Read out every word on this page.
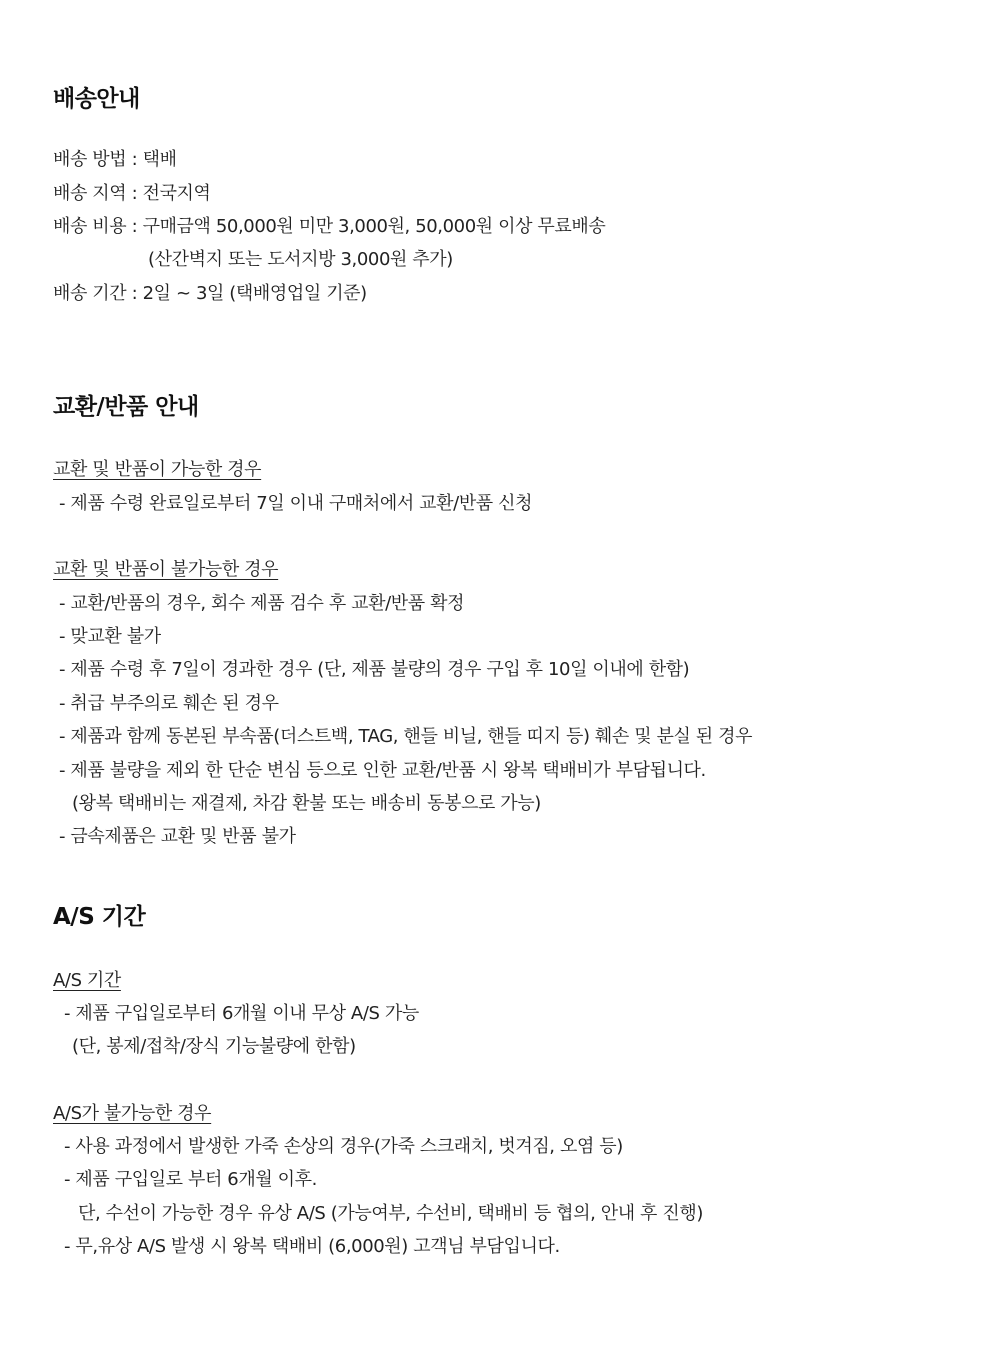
배송안내
배송 방법 : 택배
배송 지역 : 전국지역
배송 비용 : 구매금액 50,000원 미만 3,000원, 50,000원 이상 무료배송
(산간벽지 또는 도서지방 3,000원 추가)
배송 기간 : 2일 ~ 3일 (택배영업일 기준)
교환/반품 안내
교환 및 반품이 가능한 경우
- 제품 수령 완료일로부터 7일 이내 구매처에서 교환/반품 신청
교환 및 반품이 불가능한 경우
- 교환/반품의 경우, 회수 제품 검수 후 교환/반품 확정
- 맞교환 불가
- 제품 수령 후 7일이 경과한 경우 (단, 제품 불량의 경우 구입 후 10일 이내에 한함)
- 취급 부주의로 훼손 된 경우
- 제품과 함께 동본된 부속품(더스트백, TAG, 핸들 비닐, 핸들 띠지 등) 훼손 및 분실 된 경우
- 제품 불량을 제외 한 단순 변심 등으로 인한 교환/반품 시 왕복 택배비가 부담됩니다.
(왕복 택배비는 재결제, 차감 환불 또는 배송비 동봉으로 가능)
- 금속제품은 교환 및 반품 불가
A/S 기간
A/S 기간
- 제품 구입일로부터 6개월 이내 무상 A/S 가능
(단, 봉제/접착/장식 기능불량에 한함)
A/S가 불가능한 경우
- 사용 과정에서 발생한 가죽 손상의 경우(가죽 스크래치, 벗겨짐, 오염 등)
- 제품 구입일로 부터 6개월 이후.
단, 수선이 가능한 경우 유상 A/S (가능여부, 수선비, 택배비 등 협의, 안내 후 진행)
- 무,유상 A/S 발생 시 왕복 택배비 (6,000원) 고객님 부담입니다.
